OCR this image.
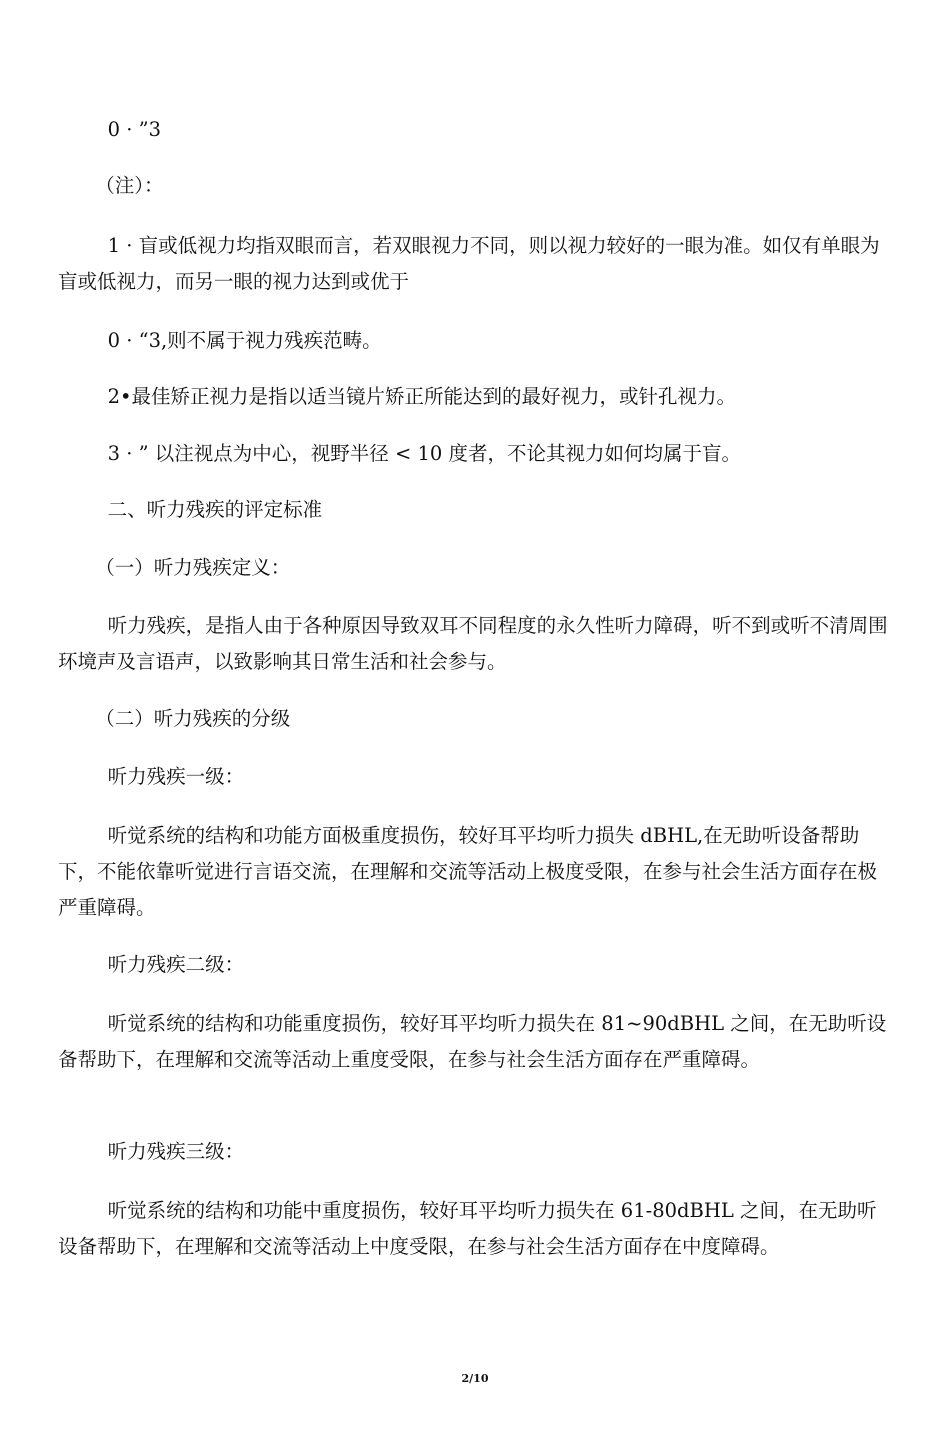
0 · ”3

（注）：

1 · 盲或低视力均指双眼而言，若双眼视力不同，则以视力较好的一眼为准。如仅有单眼为盲或低视力，而另一眼的视力达到或优于

0 · “3,则不属于视力残疾范畴。

2•最佳矫正视力是指以适当镜片矫正所能达到的最好视力，或针孔视力。

3 · ” 以注视点为中心，视野半径 < 10 度者，不论其视力如何均属于盲。

二、听力残疾的评定标准

（一）听力残疾定义：

听力残疾，是指人由于各种原因导致双耳不同程度的永久性听力障碍，听不到或听不清周围环境声及言语声，以致影响其日常生活和社会参与。

（二）听力残疾的分级

听力残疾一级：

听觉系统的结构和功能方面极重度损伤，较好耳平均听力损失 dBHL,在无助听设备帮助下，不能依靠听觉进行言语交流，在理解和交流等活动上极度受限，在参与社会生活方面存在极严重障碍。

听力残疾二级：

听觉系统的结构和功能重度损伤，较好耳平均听力损失在 81~90dBHL 之间，在无助听设备帮助下，在理解和交流等活动上重度受限，在参与社会生活方面存在严重障碍。

听力残疾三级：

听觉系统的结构和功能中重度损伤，较好耳平均听力损失在 61-80dBHL 之间，在无助听设备帮助下，在理解和交流等活动上中度受限，在参与社会生活方面存在中度障碍。

2/10
